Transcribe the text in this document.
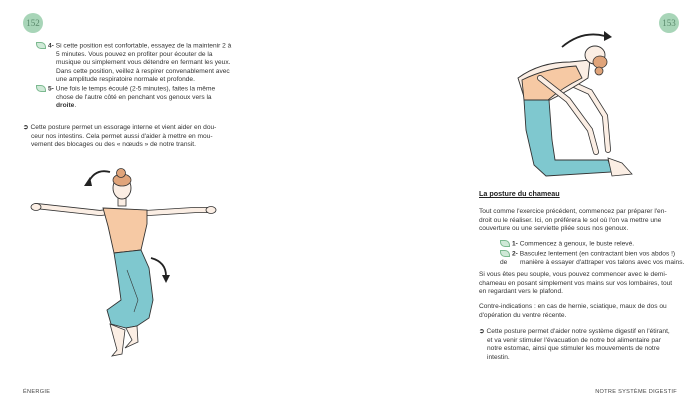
152
4- Si cette position est confortable, essayez de la maintenir 2 à
5 minutes. Vous pouvez en profiter pour écouter de la
musique ou simplement vous détendre en fermant les yeux.
Dans cette position, veillez à respirer convenablement avec
une amplitude respiratoire normale et profonde.
5- Une fois le temps écoulé (2-5 minutes), faites la même
chose de l'autre côté en penchant vos genoux vers la
droite.
➲ Cette posture permet un essorage interne et vient aider en dou-
ceur nos intestins. Cela permet aussi d'aider à mettre en mou-
vement des blocages ou des « nœuds » de notre transit.
ÉNERGIE
153
La posture du chameau
Tout comme l'exercice précédent, commencez par préparer l'en-
droit ou le réaliser. Ici, on préférera le sol où l'on va mettre une
couverture ou une serviette pliée sous nos genoux.
1- Commencez à genoux, le buste relevé.
2- Basculez lentement (en contractant bien vos abdos !) de	manière à essayer d'attraper vos talons avec vos mains.
Si vous êtes peu souple, vous pouvez commencer avec le demi-
chameau en posant simplement vos mains sur vos lombaires, tout
en regardant vers le plafond.
Contre-indications : en cas de hernie, sciatique, maux de dos ou
d'opération du ventre récente.
➲ Cette posture permet d'aider notre système digestif en l'étirant,
et va venir stimuler l'évacuation de notre bol alimentaire par
notre estomac, ainsi que stimuler les mouvements de notre
intestin.
NOTRE SYSTÈME DIGESTIF
